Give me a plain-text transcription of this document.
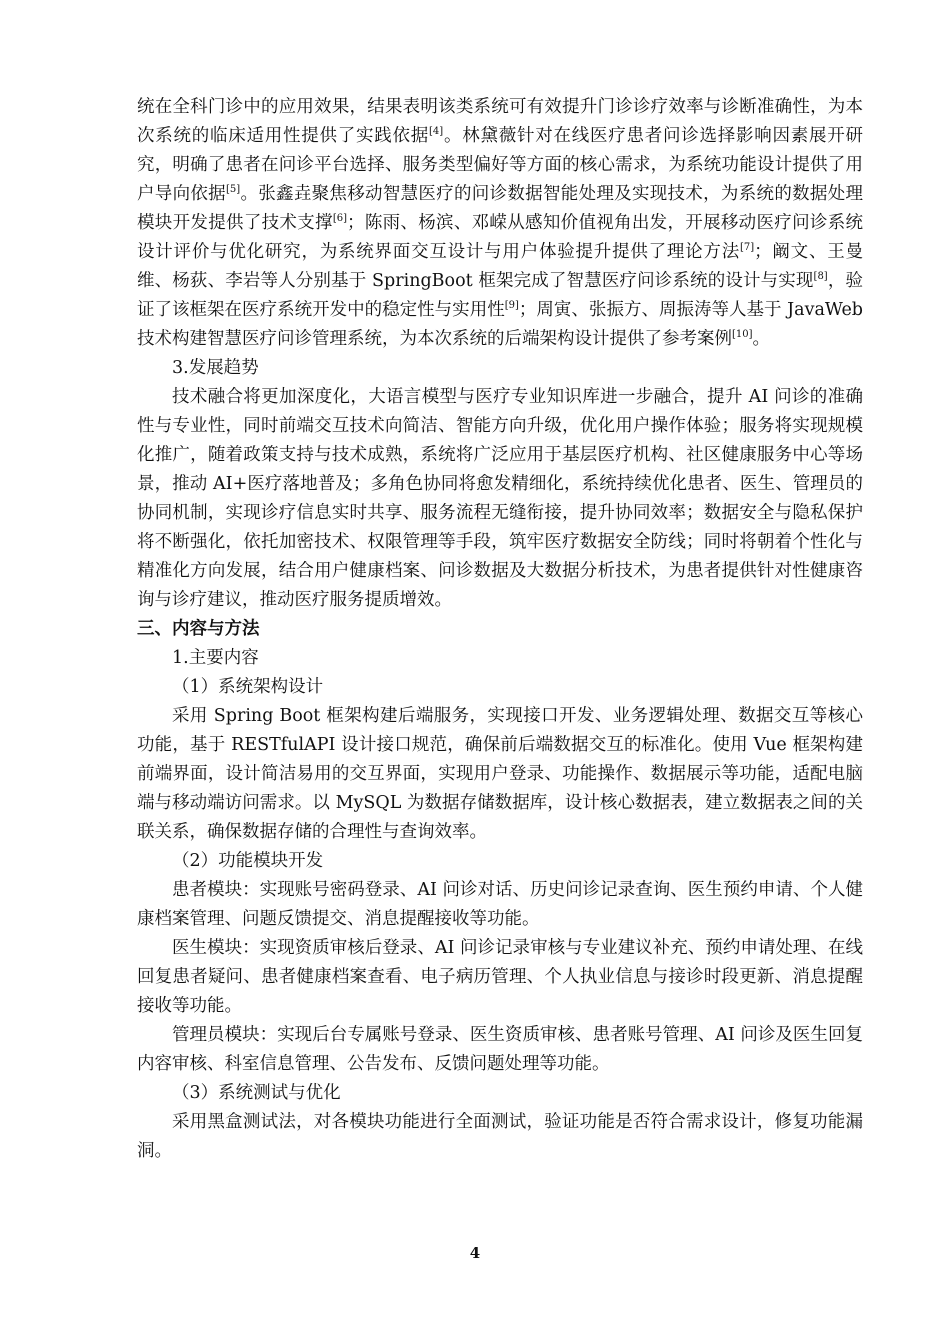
统在全科门诊中的应用效果，结果表明该类系统可有效提升门诊诊疗效率与诊断准确性，为本次系统的临床适用性提供了实践依据[4]。林黛薇针对在线医疗患者问诊选择影响因素展开研究，明确了患者在问诊平台选择、服务类型偏好等方面的核心需求，为系统功能设计提供了用户导向依据[5]。张鑫垚聚焦移动智慧医疗的问诊数据智能处理及实现技术，为系统的数据处理模块开发提供了技术支撑[6]；陈雨、杨滨、邓嵘从感知价值视角出发，开展移动医疗问诊系统设计评价与优化研究，为系统界面交互设计与用户体验提升提供了理论方法[7]；阚文、王曼维、杨荻、李岩等人分别基于 SpringBoot 框架完成了智慧医疗问诊系统的设计与实现[8]，验证了该框架在医疗系统开发中的稳定性与实用性[9]；周寅、张振方、周振涛等人基于 JavaWeb 技术构建智慧医疗问诊管理系统，为本次系统的后端架构设计提供了参考案例[10]。

3.发展趋势

技术融合将更加深度化，大语言模型与医疗专业知识库进一步融合，提升 AI 问诊的准确性与专业性，同时前端交互技术向简洁、智能方向升级，优化用户操作体验；服务将实现规模化推广，随着政策支持与技术成熟，系统将广泛应用于基层医疗机构、社区健康服务中心等场景，推动 AI+医疗落地普及；多角色协同将愈发精细化，系统持续优化患者、医生、管理员的协同机制，实现诊疗信息实时共享、服务流程无缝衔接，提升协同效率；数据安全与隐私保护将不断强化，依托加密技术、权限管理等手段，筑牢医疗数据安全防线；同时将朝着个性化与精准化方向发展，结合用户健康档案、问诊数据及大数据分析技术，为患者提供针对性健康咨询与诊疗建议，推动医疗服务提质增效。

三、内容与方法

1.主要内容

（1）系统架构设计

采用 Spring Boot 框架构建后端服务，实现接口开发、业务逻辑处理、数据交互等核心功能，基于 RESTfulAPI 设计接口规范，确保前后端数据交互的标准化。使用 Vue 框架构建前端界面，设计简洁易用的交互界面，实现用户登录、功能操作、数据展示等功能，适配电脑端与移动端访问需求。以 MySQL 为数据存储数据库，设计核心数据表，建立数据表之间的关联关系，确保数据存储的合理性与查询效率。

（2）功能模块开发

患者模块：实现账号密码登录、AI 问诊对话、历史问诊记录查询、医生预约申请、个人健康档案管理、问题反馈提交、消息提醒接收等功能。

医生模块：实现资质审核后登录、AI 问诊记录审核与专业建议补充、预约申请处理、在线回复患者疑问、患者健康档案查看、电子病历管理、个人执业信息与接诊时段更新、消息提醒接收等功能。

管理员模块：实现后台专属账号登录、医生资质审核、患者账号管理、AI 问诊及医生回复内容审核、科室信息管理、公告发布、反馈问题处理等功能。

（3）系统测试与优化

采用黑盒测试法，对各模块功能进行全面测试，验证功能是否符合需求设计，修复功能漏洞。

4
